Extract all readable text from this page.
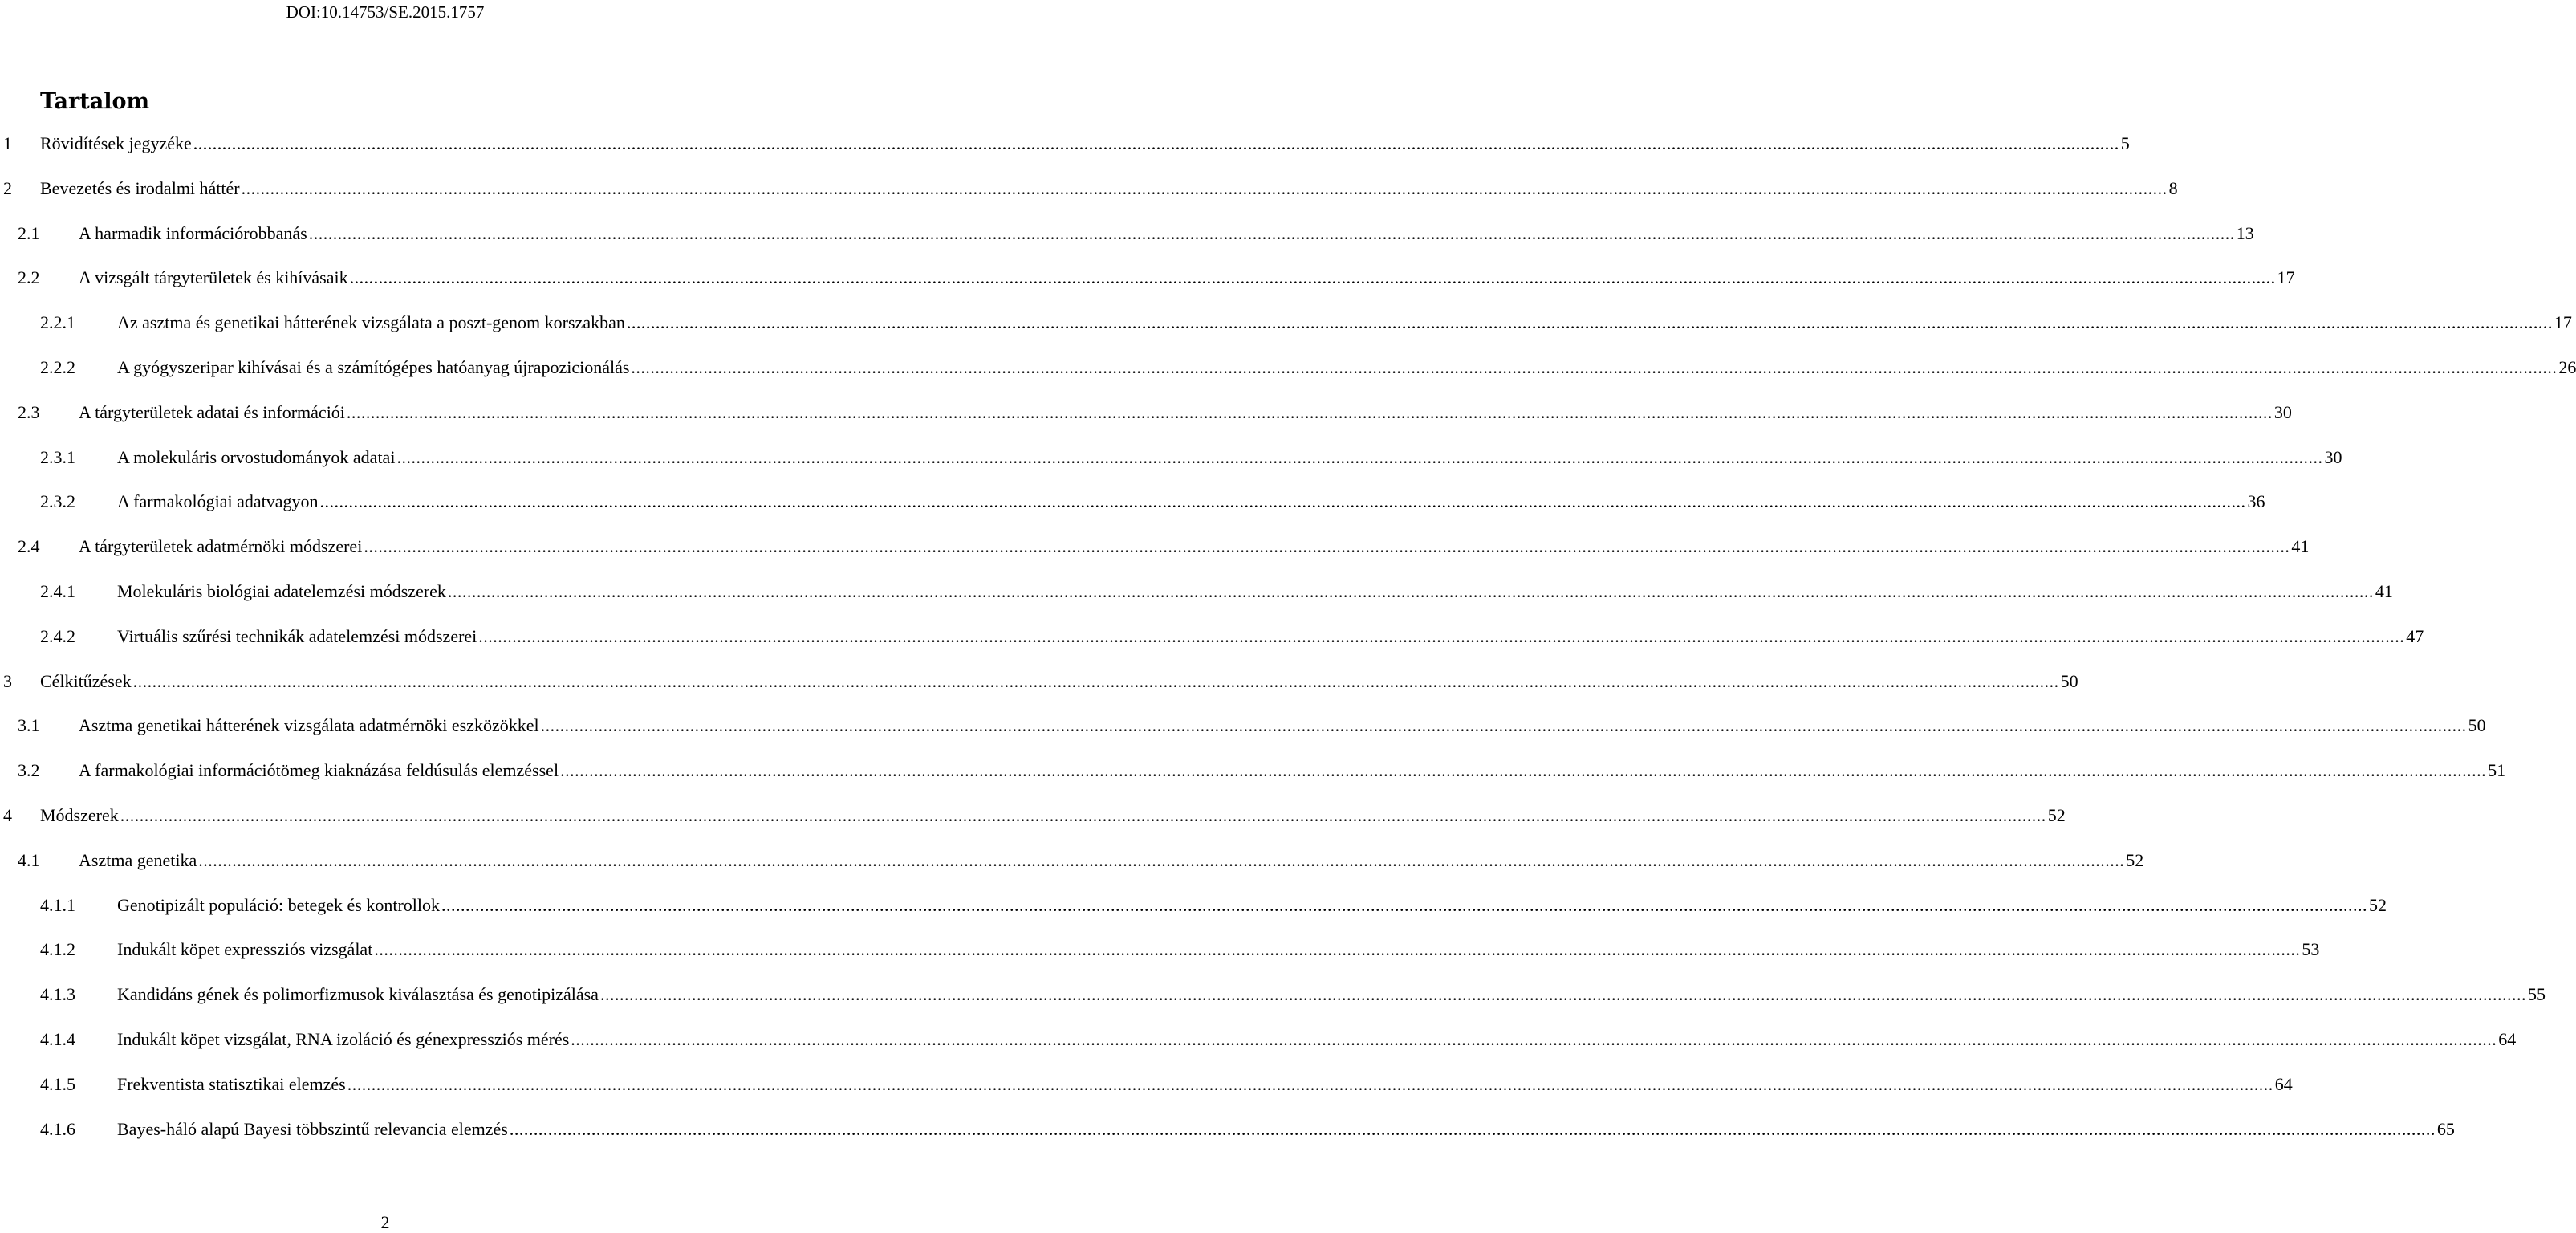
DOI:10.14753/SE.2015.1757
Tartalom
1 Rövidítések jegyzéke ................................................................................................................................................................................................................................................................................................................................................................................................................ 5
2 Bevezetés és irodalmi háttér ................................................................................................................................................................................................................................................................................................................................................................................................................ 8
2.1 A harmadik információrobbanás ................................................................................................................................................................................................................................................................................................................................................................................................................ 13
2.2 A vizsgált tárgyterületek és kihívásaik ................................................................................................................................................................................................................................................................................................................................................................................................................ 17
2.2.1 Az asztma és genetikai hátterének vizsgálata a poszt-genom korszakban ................................................................................................................................................................................................................................................................................................................................................................................................................ 17
2.2.2 A gyógyszeripar kihívásai és a számítógépes hatóanyag újrapozicionálás ................................................................................................................................................................................................................................................................................................................................................................................................................ 26
2.3 A tárgyterületek adatai és információi ................................................................................................................................................................................................................................................................................................................................................................................................................ 30
2.3.1 A molekuláris orvostudományok adatai ................................................................................................................................................................................................................................................................................................................................................................................................................ 30
2.3.2 A farmakológiai adatvagyon ................................................................................................................................................................................................................................................................................................................................................................................................................ 36
2.4 A tárgyterületek adatmérnöki módszerei ................................................................................................................................................................................................................................................................................................................................................................................................................ 41
2.4.1 Molekuláris biológiai adatelemzési módszerek ................................................................................................................................................................................................................................................................................................................................................................................................................ 41
2.4.2 Virtuális szűrési technikák adatelemzési módszerei ................................................................................................................................................................................................................................................................................................................................................................................................................ 47
3 Célkitűzések ................................................................................................................................................................................................................................................................................................................................................................................................................ 50
3.1 Asztma genetikai hátterének vizsgálata adatmérnöki eszközökkel ................................................................................................................................................................................................................................................................................................................................................................................................................ 50
3.2 A farmakológiai információtömeg kiaknázása feldúsulás elemzéssel ................................................................................................................................................................................................................................................................................................................................................................................................................ 51
4 Módszerek ................................................................................................................................................................................................................................................................................................................................................................................................................ 52
4.1 Asztma genetika ................................................................................................................................................................................................................................................................................................................................................................................................................ 52
4.1.1 Genotipizált populáció: betegek és kontrollok ................................................................................................................................................................................................................................................................................................................................................................................................................ 52
4.1.2 Indukált köpet expressziós vizsgálat ................................................................................................................................................................................................................................................................................................................................................................................................................ 53
4.1.3 Kandidáns gének és polimorfizmusok kiválasztása és genotipizálása ................................................................................................................................................................................................................................................................................................................................................................................................................ 55
4.1.4 Indukált köpet vizsgálat, RNA izoláció és génexpressziós mérés ................................................................................................................................................................................................................................................................................................................................................................................................................ 64
4.1.5 Frekventista statisztikai elemzés ................................................................................................................................................................................................................................................................................................................................................................................................................ 64
4.1.6 Bayes-háló alapú Bayesi többszintű relevancia elemzés ................................................................................................................................................................................................................................................................................................................................................................................................................ 65
2
